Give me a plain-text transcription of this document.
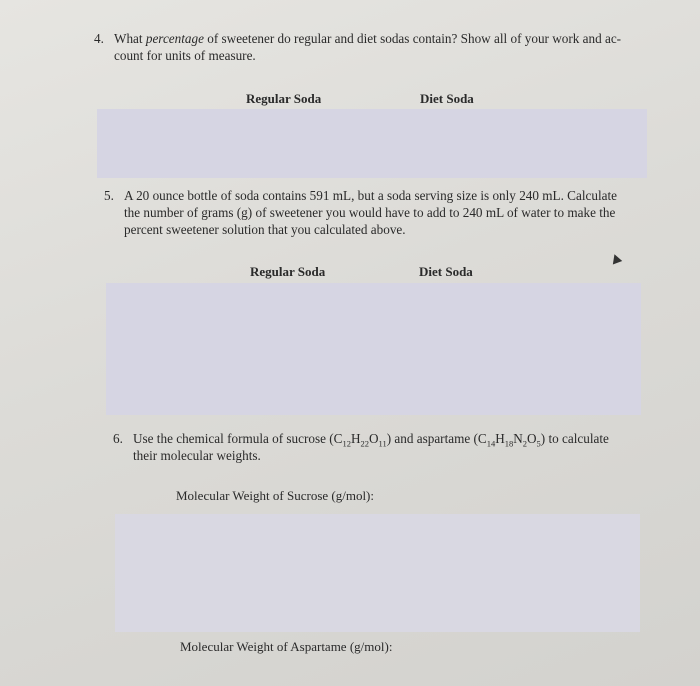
4. What percentage of sweetener do regular and diet sodas contain? Show all of your work and ac-
count for units of measure.
Regular Soda	Diet Soda
5. A 20 ounce bottle of soda contains 591 mL, but a soda serving size is only 240 mL. Calculate
the number of grams (g) of sweetener you would have to add to 240 mL of water to make the
percent sweetener solution that you calculated above.
Regular Soda	Diet Soda
6. Use the chemical formula of sucrose $(C_{12}H_{22}O_{11})$ and aspartame $(C_{14}H_{18}N_2O_5)$ to calculate
their molecular weights.
Molecular Weight of Sucrose (g/mol):
Molecular Weight of Aspartame (g/mol):
